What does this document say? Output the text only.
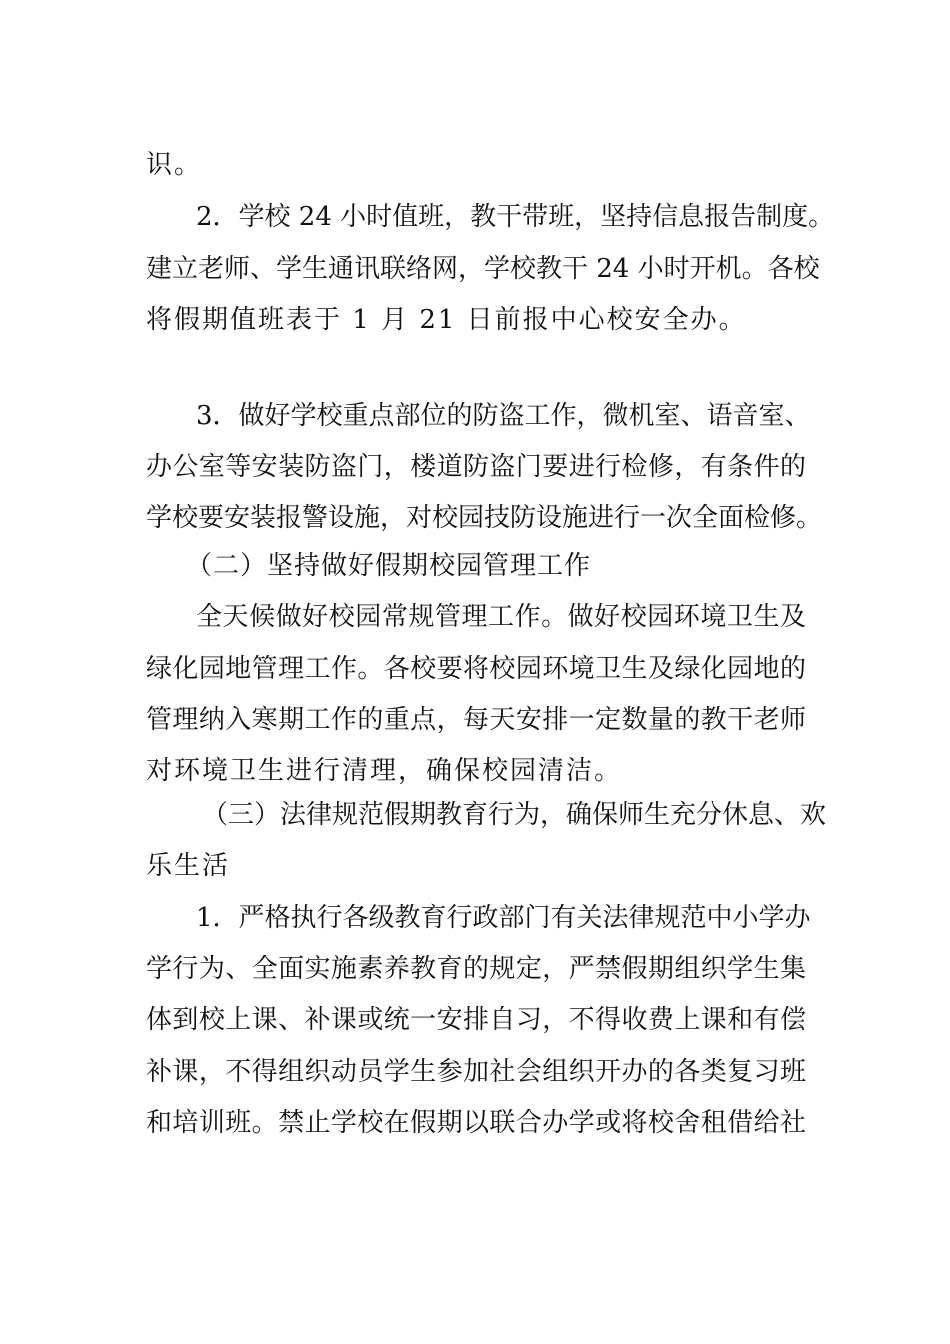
识。
2．学校 24 小时值班，教干带班，坚持信息报告制度。
建立老师、学生通讯联络网，学校教干 24 小时开机。各校
将假期值班表于 1 月 21 日前报中心校安全办。
3．做好学校重点部位的防盗工作，微机室、语音室、
办公室等安装防盗门，楼道防盗门要进行检修，有条件的
学校要安装报警设施，对校园技防设施进行一次全面检修。
（二）坚持做好假期校园管理工作
全天候做好校园常规管理工作。做好校园环境卫生及
绿化园地管理工作。各校要将校园环境卫生及绿化园地的
管理纳入寒期工作的重点，每天安排一定数量的教干老师
对环境卫生进行清理，确保校园清洁。
（三）法律规范假期教育行为，确保师生充分休息、欢
乐生活
1．严格执行各级教育行政部门有关法律规范中小学办
学行为、全面实施素养教育的规定，严禁假期组织学生集
体到校上课、补课或统一安排自习，不得收费上课和有偿
补课，不得组织动员学生参加社会组织开办的各类复习班
和培训班。禁止学校在假期以联合办学或将校舍租借给社
